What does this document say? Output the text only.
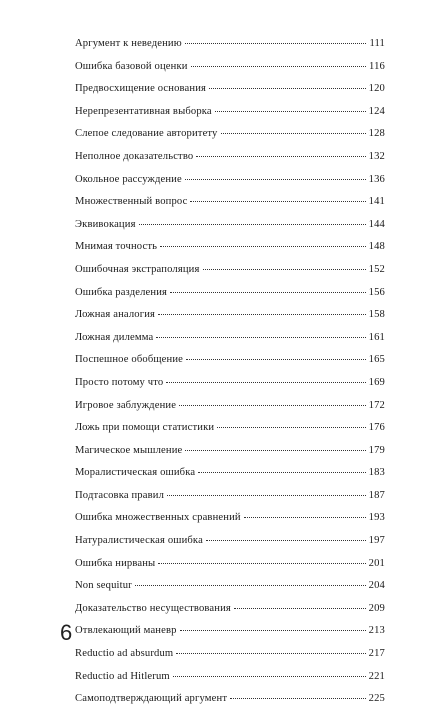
Аргумент к неведению	111
Ошибка базовой оценки	116
Предвосхищение основания	120
Нерепрезентативная выборка	124
Слепое следование авторитету	128
Неполное доказательство	132
Окольное рассуждение	136
Множественный вопрос	141
Эквивокация	144
Мнимая точность	148
Ошибочная экстраполяция	152
Ошибка разделения	156
Ложная аналогия	158
Ложная дилемма	161
Поспешное обобщение	165
Просто потому что	169
Игровое заблуждение	172
Ложь при помощи статистики	176
Магическое мышление	179
Моралистическая ошибка	183
Подтасовка правил	187
Ошибка множественных сравнений	193
Натуралистическая ошибка	197
Ошибка нирваны	201
Non sequitur	204
Доказательство несуществования	209
Отвлекающий маневр	213
Reductio ad absurdum	217
Reductio ad Hitlerum	221
Самоподтверждающий аргумент	225
6
